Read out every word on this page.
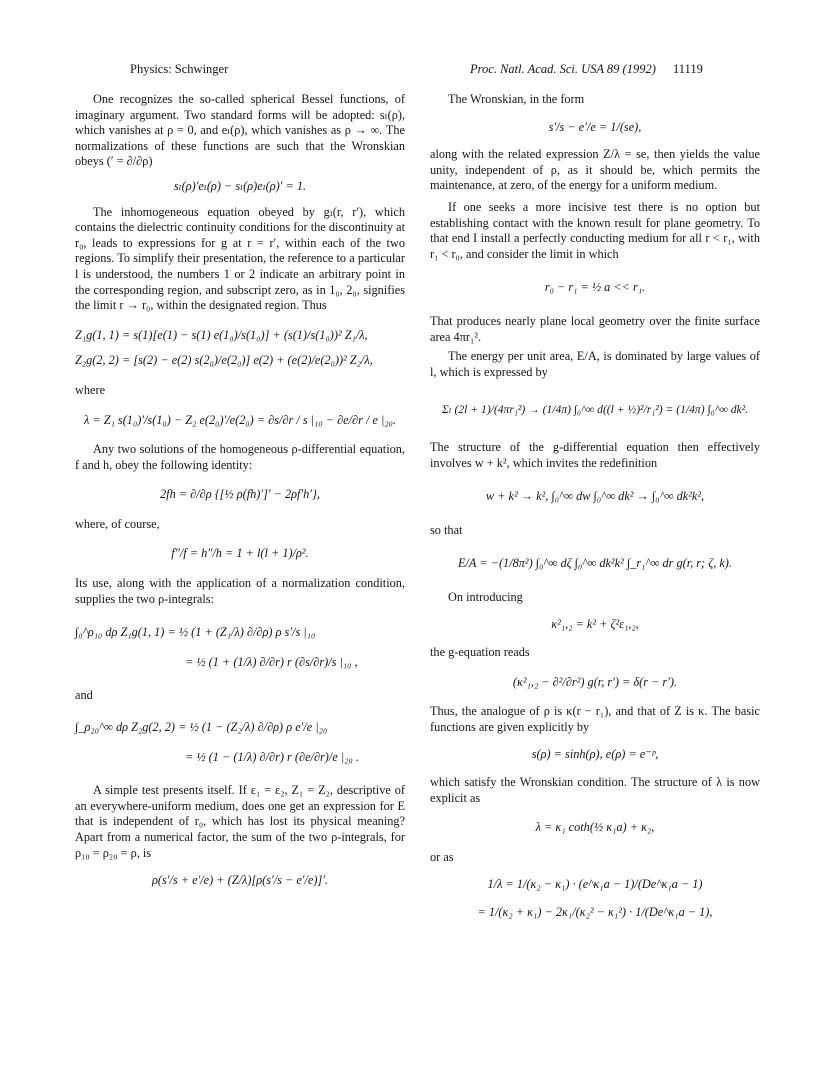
Physics: Schwinger	Proc. Natl. Acad. Sci. USA 89 (1992) 11119

One recognizes the so-called spherical Bessel functions, of imaginary argument. Two standard forms will be adopted: sₗ(ρ), which vanishes at ρ = 0, and eₗ(ρ), which vanishes as ρ → ∞. The normalizations of these functions are such that the Wronskian obeys (′ = ∂/∂ρ)

sₗ(ρ)′eₗ(ρ) − sₗ(ρ)eₗ(ρ)′ = 1.

The inhomogeneous equation obeyed by gₗ(r, r′), which contains the dielectric continuity conditions for the discontinuity at r₀, leads to expressions for g at r = r′, within each of the two regions. To simplify their presentation, the reference to a particular l is understood, the numbers 1 or 2 indicate an arbitrary point in the corresponding region, and subscript zero, as in 1₀, 2₀, signifies the limit r → r₀, within the designated region. Thus

Z₁g(1, 1) = s(1)[e(1) − s(1) e(1₀)/s(1₀)] + (s(1)/s(1₀))² Z₁/λ,
Z₂g(2, 2) = [s(2) − e(2) s(2₀)/e(2₀)] e(2) + (e(2)/e(2₀))² Z₂/λ,

where

λ = Z₁ s(1₀)′/s(1₀) − Z₂ e(2₀)′/e(2₀) = ∂s/∂r / s |₁₀ − ∂e/∂r / e |₂₀.

Any two solutions of the homogeneous ρ-differential equation, f and h, obey the following identity:

2fh = ∂/∂ρ {[½ ρ(fh)′]′ − 2ρf′h′},

where, of course,

f″/f = h″/h = 1 + l(l + 1)/ρ².

Its use, along with the application of a normalization condition, supplies the two ρ-integrals:

∫₀^ρ₁₀ dρ Z₁g(1, 1) = ½ (1 + (Z₁/λ) ∂/∂ρ) ρ s′/s |₁₀
= ½ (1 + (1/λ) ∂/∂r) r (∂s/∂r)/s |₁₀ ,

and

∫_ρ₂₀^∞ dρ Z₂g(2, 2) = ½ (1 − (Z₂/λ) ∂/∂ρ) ρ e′/e |₂₀
= ½ (1 − (1/λ) ∂/∂r) r (∂e/∂r)/e |₂₀ .

A simple test presents itself. If ε₁ = ε₂, Z₁ = Z₂, descriptive of an everywhere-uniform medium, does one get an expression for E that is independent of r₀, which has lost its physical meaning? Apart from a numerical factor, the sum of the two ρ-integrals, for ρ₁₀ = ρ₂₀ = ρ, is

ρ(s′/s + e′/e) + (Z/λ)[ρ(s′/s − e′/e)]′.

The Wronskian, in the form

s′/s − e′/e = 1/(se),

along with the related expression Z/λ = se, then yields the value unity, independent of ρ, as it should be, which permits the maintenance, at zero, of the energy for a uniform medium.

If one seeks a more incisive test there is no option but establishing contact with the known result for plane geometry. To that end I install a perfectly conducting medium for all r < r₁, with r₁ < r₀, and consider the limit in which

r₀ − r₁ = ½ a << r₁.

That produces nearly plane local geometry over the finite surface area 4πr₁².

The energy per unit area, E/A, is dominated by large values of l, which is expressed by

Σₗ (2l + 1)/(4πr₁²) → (1/4π) ∫₀^∞ d((l + ½)²/r₁²) = (1/4π) ∫₀^∞ dk².

The structure of the g-differential equation then effectively involves w + k², which invites the redefinition

w + k² → k², ∫₀^∞ dw ∫₀^∞ dk² → ∫₀^∞ dk²k²,

so that

E/A = −(1/8π²) ∫₀^∞ dζ ∫₀^∞ dk²k² ∫_r₁^∞ dr g(r, r; ζ, k).

On introducing

κ²₁,₂ = k² + ζ²ε₁,₂,

the g-equation reads

(κ²₁,₂ − ∂²/∂r²) g(r, r′) = δ(r − r′).

Thus, the analogue of ρ is κ(r − r₁), and that of Z is κ. The basic functions are given explicitly by

s(ρ) = sinh(ρ), e(ρ) = e⁻ᵖ,

which satisfy the Wronskian condition. The structure of λ is now explicit as

λ = κ₁ coth(½ κ₁a) + κ₂,

or as

1/λ = 1/(κ₂ − κ₁) · (e^κ₁a − 1)/(De^κ₁a − 1)
= 1/(κ₂ + κ₁) − 2κ₁/(κ₂² − κ₁²) · 1/(De^κ₁a − 1),
